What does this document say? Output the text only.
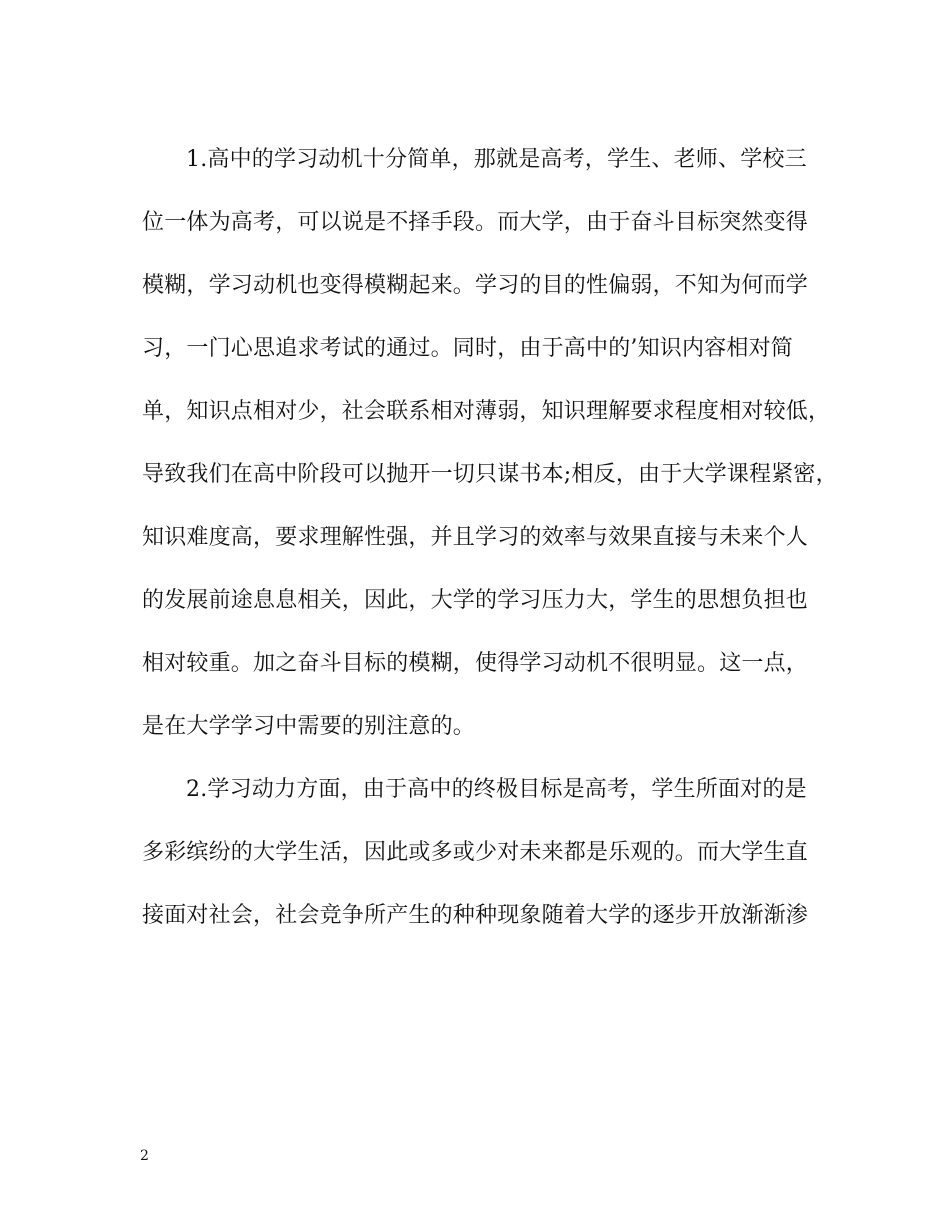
1.高中的学习动机十分简单，那就是高考，学生、老师、学校三
位一体为高考，可以说是不择手段。而大学，由于奋斗目标突然变得
模糊，学习动机也变得模糊起来。学习的目的性偏弱，不知为何而学
习，一门心思追求考试的通过。同时，由于高中的’知识内容相对简
单，知识点相对少，社会联系相对薄弱，知识理解要求程度相对较低，
导致我们在高中阶段可以抛开一切只谋书本;相反，由于大学课程紧密，
知识难度高，要求理解性强，并且学习的效率与效果直接与未来个人
的发展前途息息相关，因此，大学的学习压力大，学生的思想负担也
相对较重。加之奋斗目标的模糊，使得学习动机不很明显。这一点，
是在大学学习中需要的别注意的。
2.学习动力方面，由于高中的终极目标是高考，学生所面对的是
多彩缤纷的大学生活，因此或多或少对未来都是乐观的。而大学生直
接面对社会，社会竞争所产生的种种现象随着大学的逐步开放渐渐渗
2
